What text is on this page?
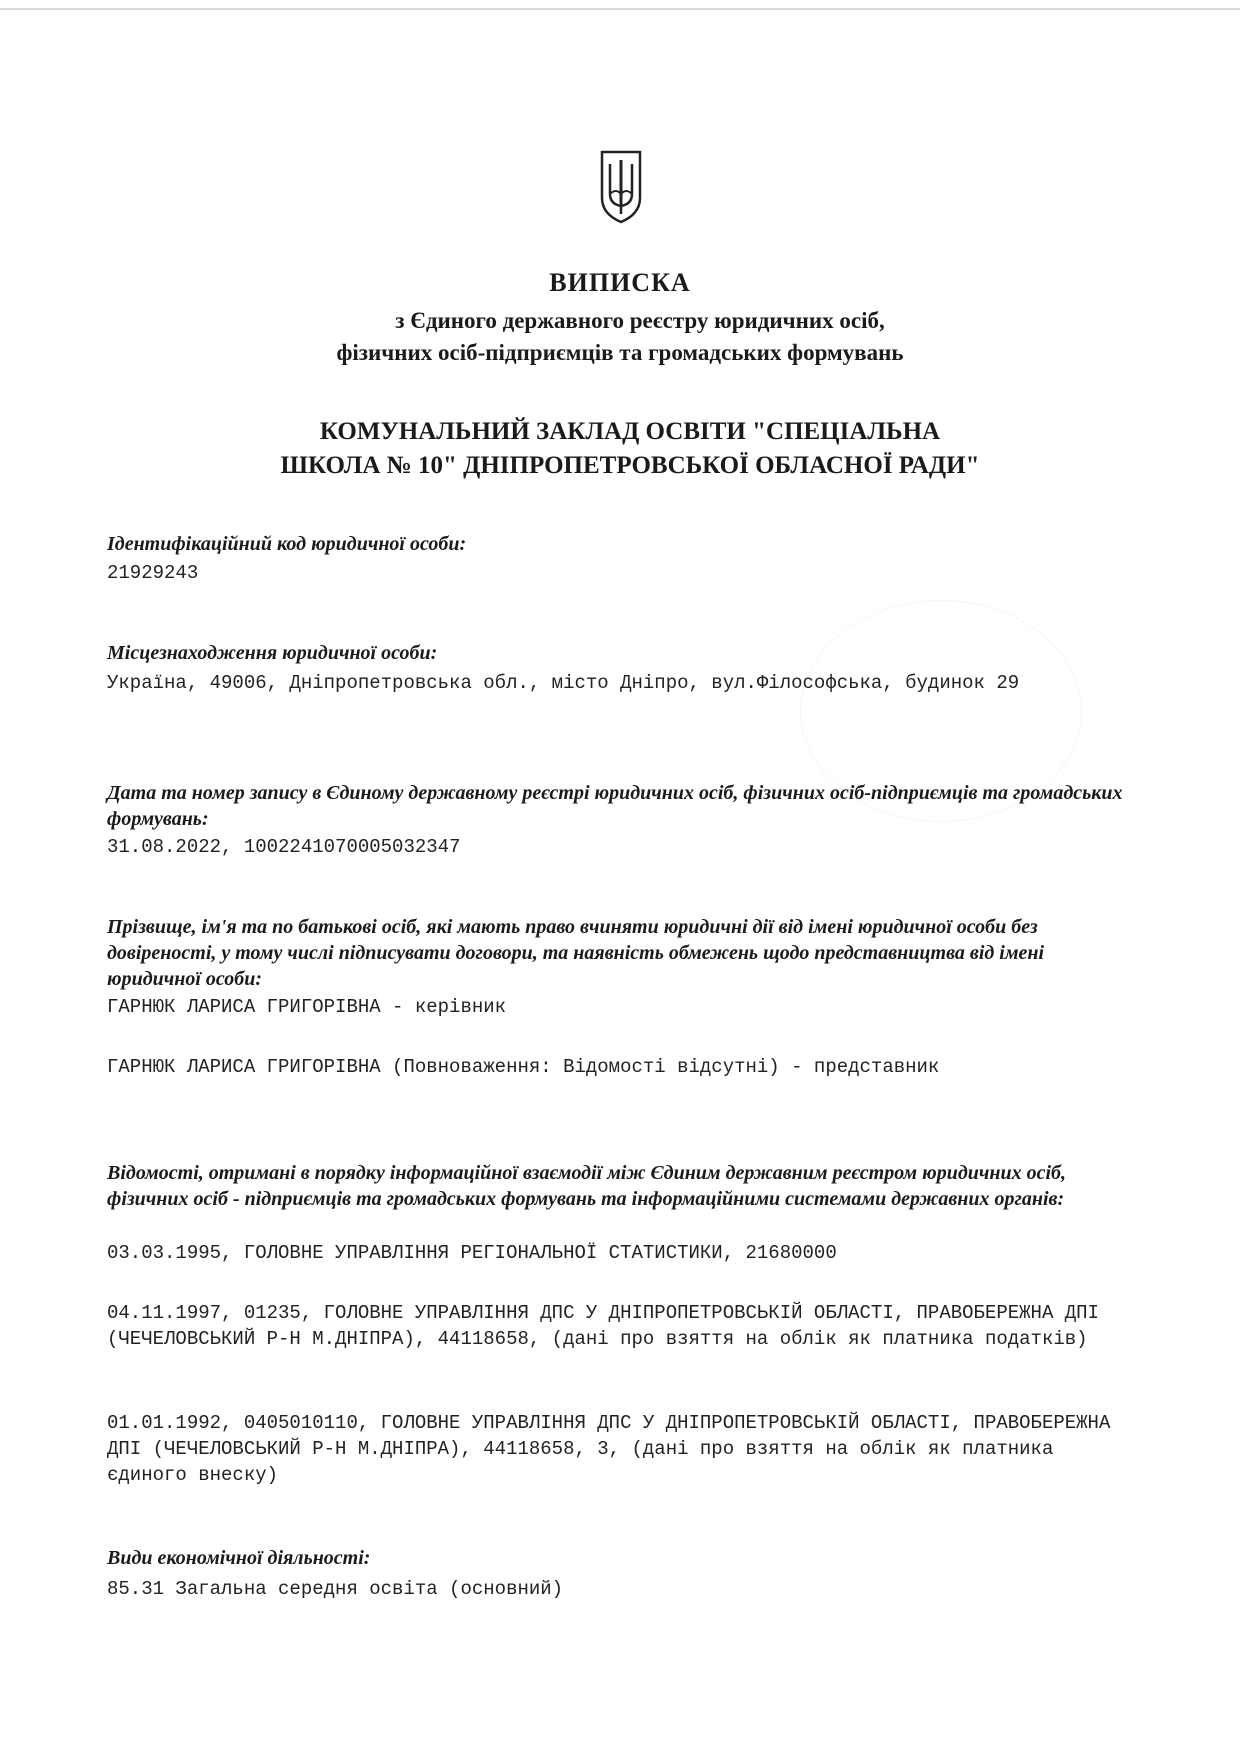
ВИПИСКА
з Єдиного державного реєстру юридичних осіб,
фізичних осіб-підприємців та громадських формувань
КОМУНАЛЬНИЙ ЗАКЛАД ОСВІТИ "СПЕЦІАЛЬНА
ШКОЛА № 10" ДНІПРОПЕТРОВСЬКОЇ ОБЛАСНОЇ РАДИ"
Ідентифікаційний код юридичної особи:
21929243
Місцезнаходження юридичної особи:
Україна, 49006, Дніпропетровська обл., місто Дніпро, вул.Філософська, будинок 29
Дата та номер запису в Єдиному державному реєстрі юридичних осіб, фізичних осіб-підприємців та громадських формувань:
31.08.2022, 1002241070005032347
Прізвище, ім'я та по батькові осіб, які мають право вчиняти юридичні дії від імені юридичної особи без довіреності, у тому числі підписувати договори, та наявність обмежень щодо представництва від імені юридичної особи:
ГАРНЮК ЛАРИСА ГРИГОРІВНА - керівник
ГАРНЮК ЛАРИСА ГРИГОРІВНА (Повноваження: Відомості відсутні) - представник
Відомості, отримані в порядку інформаційної взаємодії між Єдиним державним реєстром юридичних осіб, фізичних осіб - підприємців та громадських формувань та інформаційними системами державних органів:
03.03.1995, ГОЛОВНЕ УПРАВЛІННЯ РЕГІОНАЛЬНОЇ СТАТИСТИКИ, 21680000
04.11.1997, 01235, ГОЛОВНЕ УПРАВЛІННЯ ДПС У ДНІПРОПЕТРОВСЬКІЙ ОБЛАСТІ, ПРАВОБЕРЕЖНА ДПІ (ЧЕЧЕЛОВСЬКИЙ Р-Н М.ДНІПРА), 44118658, (дані про взяття на облік як платника податків)
01.01.1992, 0405010110, ГОЛОВНЕ УПРАВЛІННЯ ДПС У ДНІПРОПЕТРОВСЬКІЙ ОБЛАСТІ, ПРАВОБЕРЕЖНА ДПІ (ЧЕЧЕЛОВСЬКИЙ Р-Н М.ДНІПРА), 44118658, 3, (дані про взяття на облік як платника єдиного внеску)
Види економічної діяльності:
85.31 Загальна середня освіта (основний)
